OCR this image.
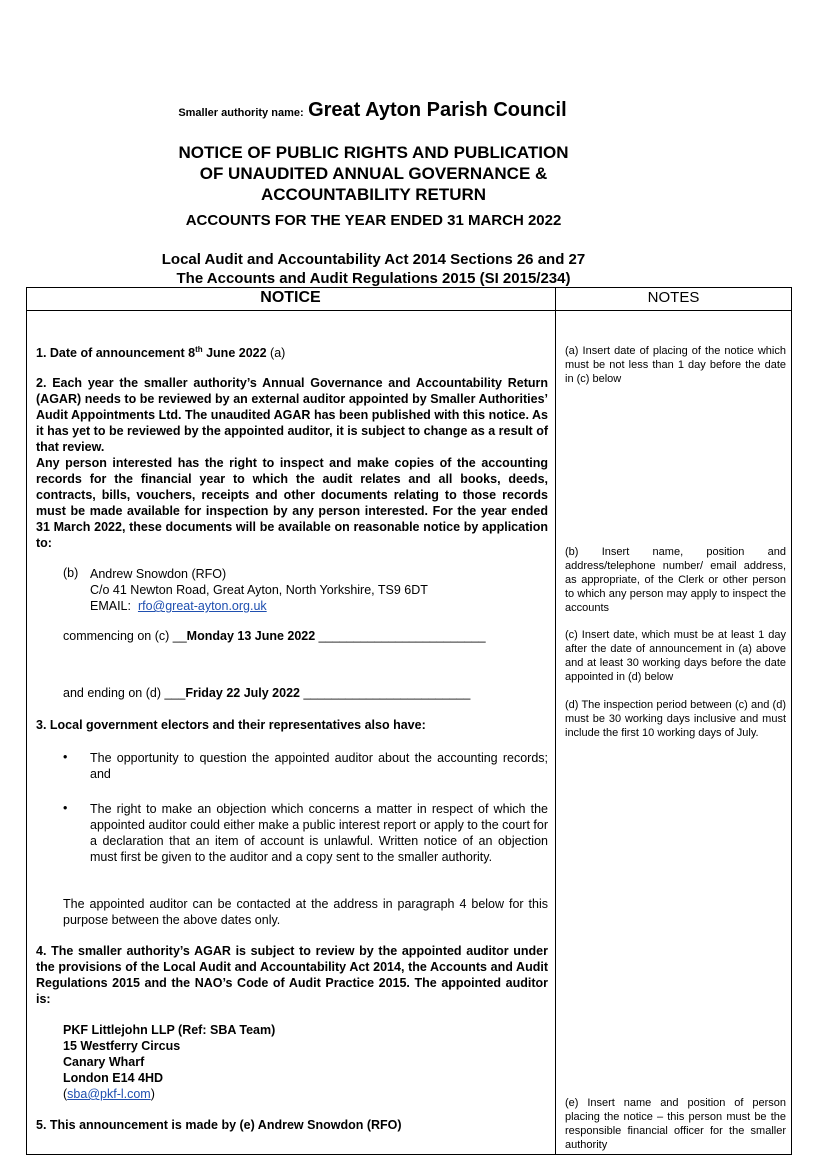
Smaller authority name: Great Ayton Parish Council
NOTICE OF PUBLIC RIGHTS AND PUBLICATION
OF UNAUDITED ANNUAL GOVERNANCE &
ACCOUNTABILITY RETURN
ACCOUNTS FOR THE YEAR ENDED 31 MARCH 2022
Local Audit and Accountability Act 2014 Sections 26 and 27
The Accounts and Audit Regulations 2015 (SI 2015/234)
NOTICE	NOTES
1. Date of announcement 8th June 2022 (a)
2. Each year the smaller authority’s Annual Governance and Accountability Return (AGAR) needs to be reviewed by an external auditor appointed by Smaller Authorities’ Audit Appointments Ltd. The unaudited AGAR has been published with this notice. As it has yet to be reviewed by the appointed auditor, it is subject to change as a result of that review.
Any person interested has the right to inspect and make copies of the accounting records for the financial year to which the audit relates and all books, deeds, contracts, bills, vouchers, receipts and other documents relating to those records must be made available for inspection by any person interested. For the year ended 31 March 2022, these documents will be available on reasonable notice by application to:
(b) Andrew Snowdon (RFO)
C/o 41 Newton Road, Great Ayton, North Yorkshire, TS9 6DT
EMAIL: rfo@great-ayton.org.uk
commencing on (c) __Monday 13 June 2022 ________________________
and ending on (d) ___Friday 22 July 2022 ________________________
3. Local government electors and their representatives also have:
• The opportunity to question the appointed auditor about the accounting records; and
• The right to make an objection which concerns a matter in respect of which the appointed auditor could either make a public interest report or apply to the court for a declaration that an item of account is unlawful. Written notice of an objection must first be given to the auditor and a copy sent to the smaller authority.
The appointed auditor can be contacted at the address in paragraph 4 below for this purpose between the above dates only.
4. The smaller authority’s AGAR is subject to review by the appointed auditor under the provisions of the Local Audit and Accountability Act 2014, the Accounts and Audit Regulations 2015 and the NAO’s Code of Audit Practice 2015. The appointed auditor is:
PKF Littlejohn LLP (Ref: SBA Team)
15 Westferry Circus
Canary Wharf
London E14 4HD
(sba@pkf-l.com)
5. This announcement is made by (e) Andrew Snowdon (RFO)
(a) Insert date of placing of the notice which must be not less than 1 day before the date in (c) below
(b) Insert name, position and address/telephone number/ email address, as appropriate, of the Clerk or other person to which any person may apply to inspect the accounts
(c) Insert date, which must be at least 1 day after the date of announcement in (a) above and at least 30 working days before the date appointed in (d) below
(d) The inspection period between (c) and (d) must be 30 working days inclusive and must include the first 10 working days of July.
(e) Insert name and position of person placing the notice – this person must be the responsible financial officer for the smaller authority
